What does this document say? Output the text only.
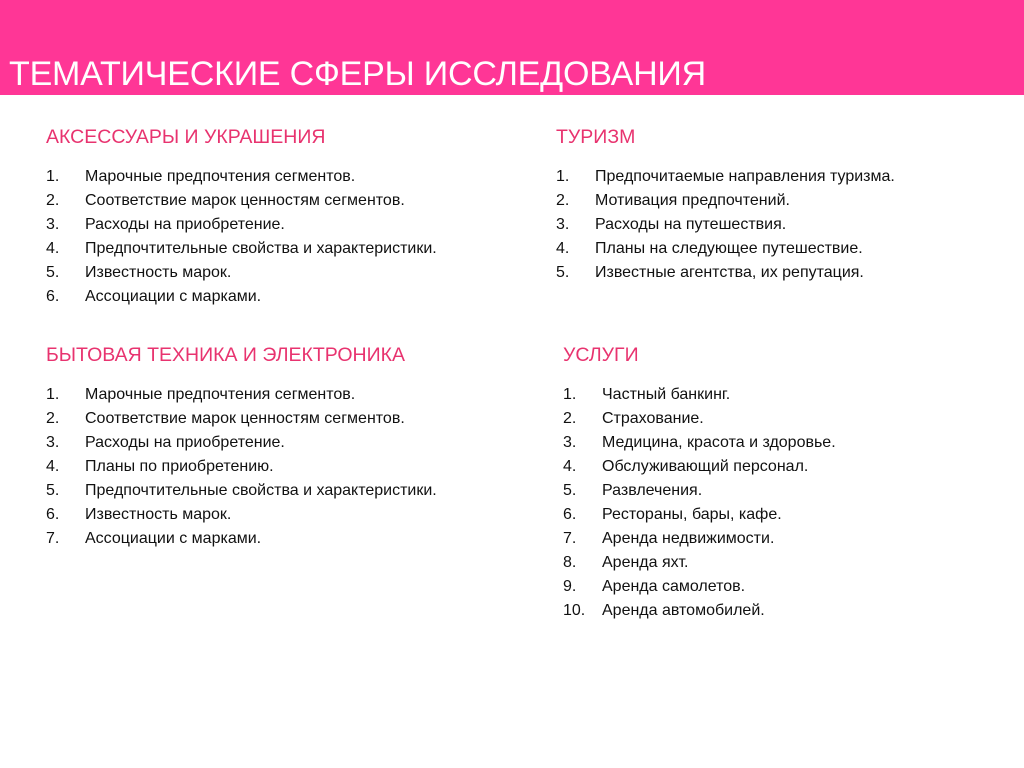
ТЕМАТИЧЕСКИЕ СФЕРЫ ИССЛЕДОВАНИЯ
АКСЕССУАРЫ И УКРАШЕНИЯ
1.	Марочные предпочтения сегментов.
2.	Соответствие марок ценностям сегментов.
3.	Расходы на приобретение.
4.	Предпочтительные свойства и характеристики.
5.	Известность марок.
6.	Ассоциации с марками.
ТУРИЗМ
1.	Предпочитаемые направления туризма.
2.	Мотивация предпочтений.
3.	Расходы на путешествия.
4.	Планы на следующее путешествие.
5.	Известные агентства, их репутация.
БЫТОВАЯ ТЕХНИКА И ЭЛЕКТРОНИКА
1.	Марочные предпочтения сегментов.
2.	Соответствие марок ценностям сегментов.
3.	Расходы на приобретение.
4.	Планы по приобретению.
5.	Предпочтительные свойства и характеристики.
6.	Известность марок.
7.	Ассоциации с марками.
УСЛУГИ
1.	Частный банкинг.
2.	Страхование.
3.	Медицина, красота и здоровье.
4.	Обслуживающий персонал.
5.	Развлечения.
6.	Рестораны, бары, кафе.
7.	Аренда недвижимости.
8.	Аренда яхт.
9.	Аренда самолетов.
10.	Аренда автомобилей.
